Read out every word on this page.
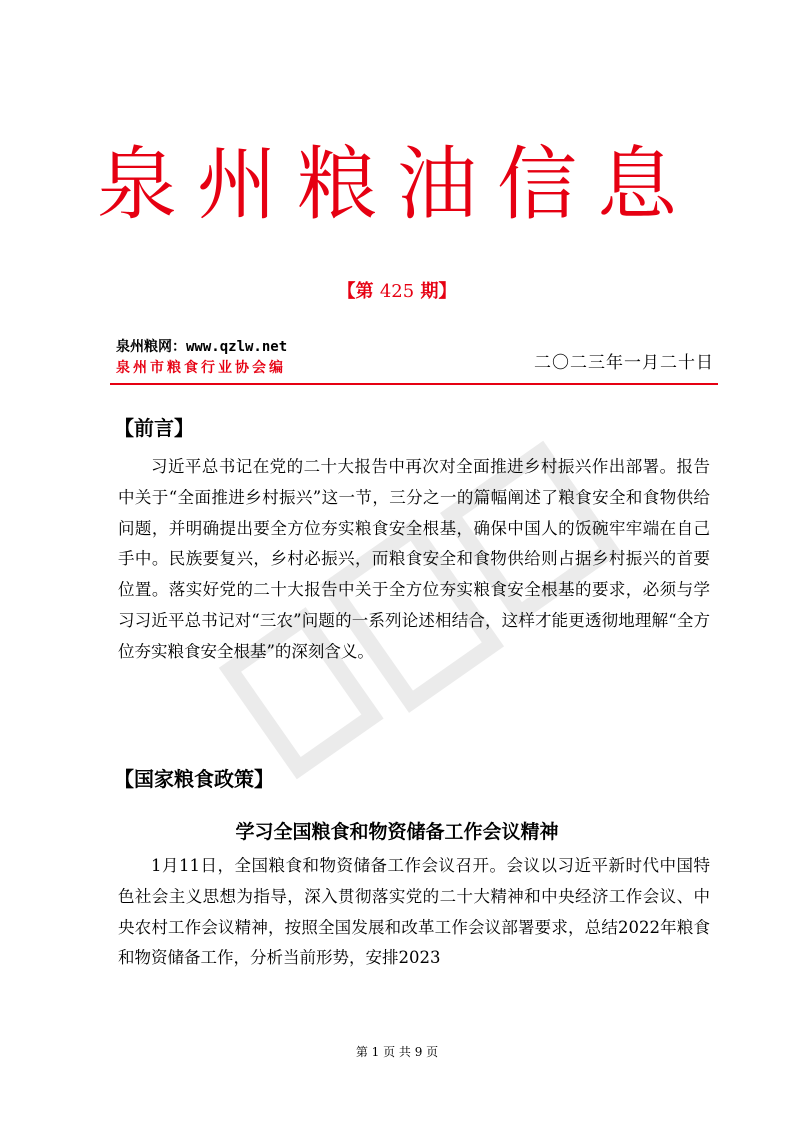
泉州粮油信息
【第 425 期】
泉州粮网：www.qzlw.net
泉州市粮食行业协会编	二〇二三年一月二十日
【前言】

习近平总书记在党的二十大报告中再次对全面推进乡村振兴作出部署。报告中关于“全面推进乡村振兴”这一节，三分之一的篇幅阐述了粮食安全和食物供给问题，并明确提出要全方位夯实粮食安全根基，确保中国人的饭碗牢牢端在自己手中。民族要复兴，乡村必振兴，而粮食安全和食物供给则占据乡村振兴的首要位置。落实好党的二十大报告中关于全方位夯实粮食安全根基的要求，必须与学习习近平总书记对“三农”问题的一系列论述相结合，这样才能更透彻地理解“全方位夯实粮食安全根基”的深刻含义。

【国家粮食政策】
学习全国粮食和物资储备工作会议精神

1月11日，全国粮食和物资储备工作会议召开。会议以习近平新时代中国特色社会主义思想为指导，深入贯彻落实党的二十大精神和中央经济工作会议、中央农村工作会议精神，按照全国发展和改革工作会议部署要求，总结2022年粮食和物资储备工作，分析当前形势，安排2023

第 1 页 共 9 页
